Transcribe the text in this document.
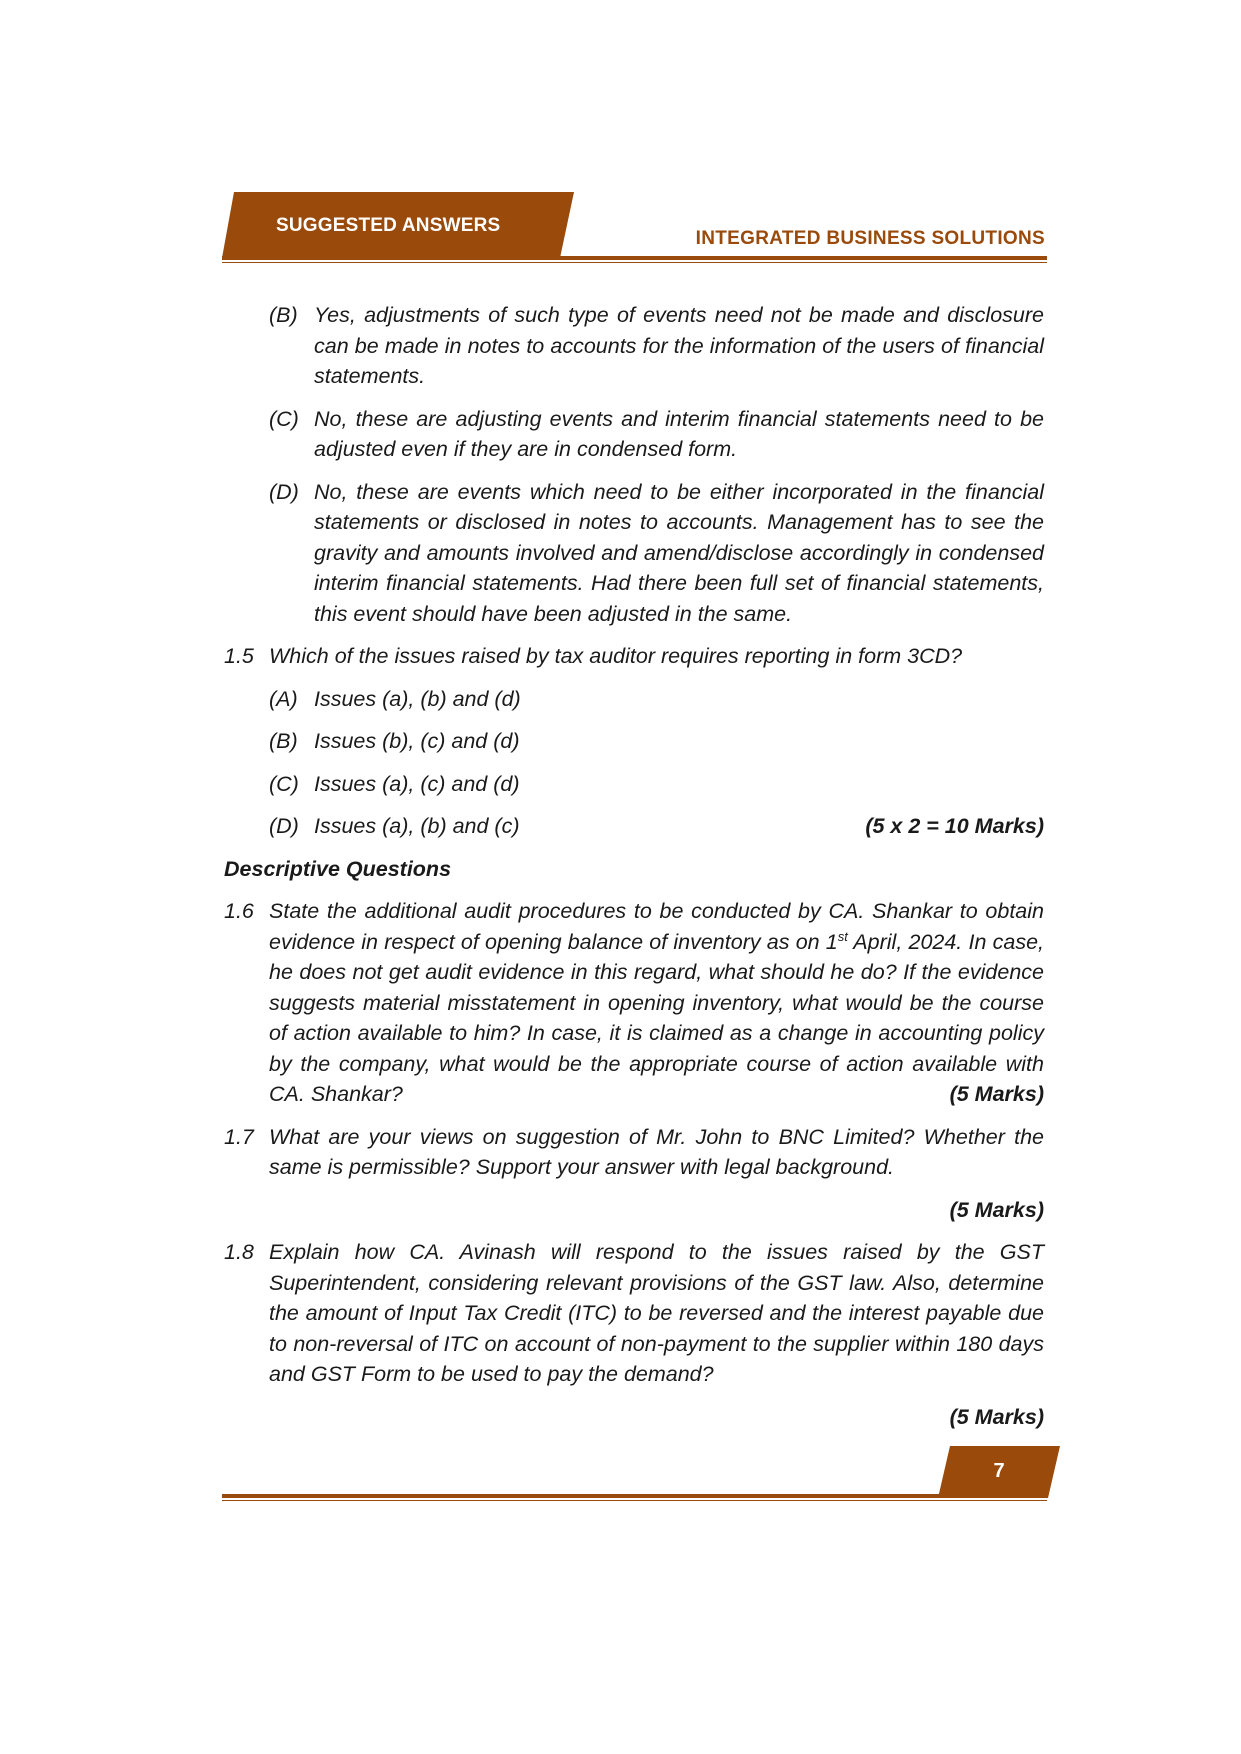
SUGGESTED ANSWERS
INTEGRATED BUSINESS SOLUTIONS
(B) Yes, adjustments of such type of events need not be made and disclosure can be made in notes to accounts for the information of the users of financial statements.
(C) No, these are adjusting events and interim financial statements need to be adjusted even if they are in condensed form.
(D) No, these are events which need to be either incorporated in the financial statements or disclosed in notes to accounts. Management has to see the gravity and amounts involved and amend/disclose accordingly in condensed interim financial statements. Had there been full set of financial statements, this event should have been adjusted in the same.
1.5 Which of the issues raised by tax auditor requires reporting in form 3CD?
(A) Issues (a), (b) and (d)
(B) Issues (b), (c) and (d)
(C) Issues (a), (c) and (d)
(D) Issues (a), (b) and (c)	(5 x 2 = 10 Marks)
Descriptive Questions
1.6 State the additional audit procedures to be conducted by CA. Shankar to obtain evidence in respect of opening balance of inventory as on 1st April, 2024. In case, he does not get audit evidence in this regard, what should he do? If the evidence suggests material misstatement in opening inventory, what would be the course of action available to him? In case, it is claimed as a change in accounting policy by the company, what would be the appropriate course of action available with CA. Shankar?	(5 Marks)
1.7 What are your views on suggestion of Mr. John to BNC Limited? Whether the same is permissible? Support your answer with legal background.
(5 Marks)
1.8 Explain how CA. Avinash will respond to the issues raised by the GST Superintendent, considering relevant provisions of the GST law. Also, determine the amount of Input Tax Credit (ITC) to be reversed and the interest payable due to non-reversal of ITC on account of non-payment to the supplier within 180 days and GST Form to be used to pay the demand?
(5 Marks)
7
